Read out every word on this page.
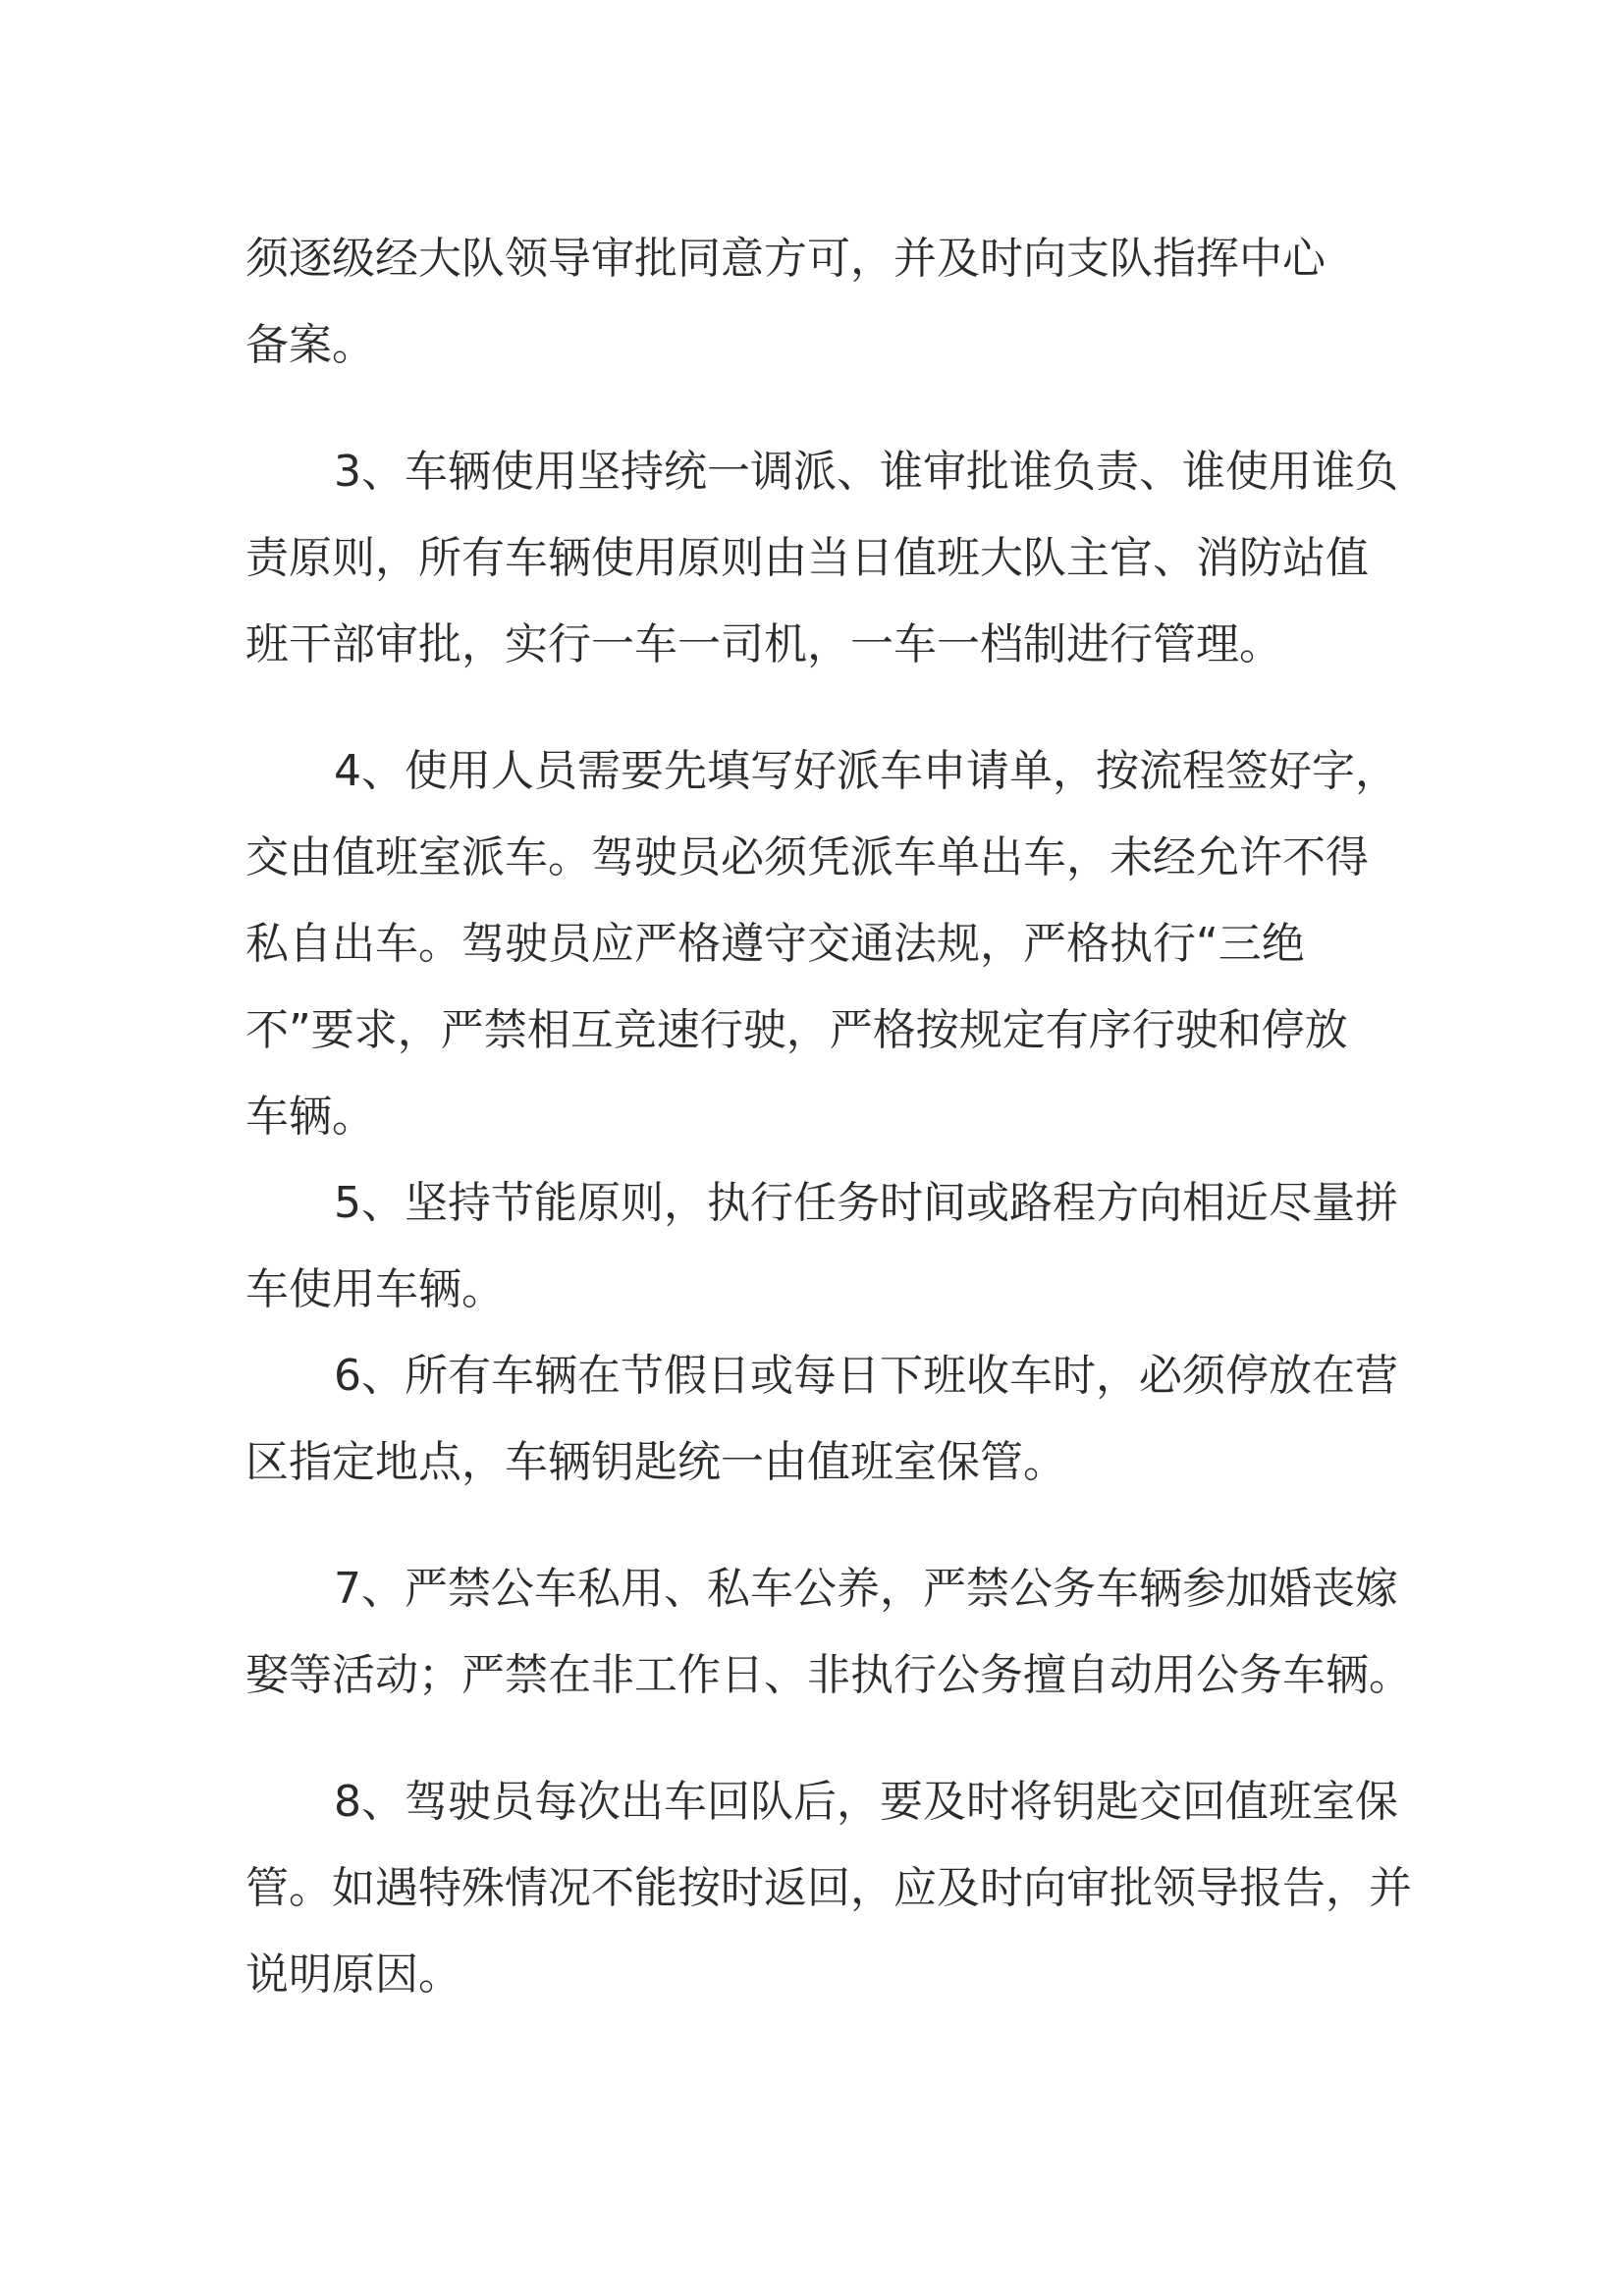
须逐级经大队领导审批同意方可，并及时向支队指挥中心
备案。
3、车辆使用坚持统一调派、谁审批谁负责、谁使用谁负
责原则，所有车辆使用原则由当日值班大队主官、消防站值
班干部审批，实行一车一司机，一车一档制进行管理。
4、使用人员需要先填写好派车申请单，按流程签好字，
交由值班室派车。驾驶员必须凭派车单出车，未经允许不得
私自出车。驾驶员应严格遵守交通法规，严格执行“三绝
不”要求，严禁相互竞速行驶，严格按规定有序行驶和停放
车辆。
5、坚持节能原则，执行任务时间或路程方向相近尽量拼
车使用车辆。
6、所有车辆在节假日或每日下班收车时，必须停放在营
区指定地点，车辆钥匙统一由值班室保管。
7、严禁公车私用、私车公养，严禁公务车辆参加婚丧嫁
娶等活动；严禁在非工作日、非执行公务擅自动用公务车辆。
8、驾驶员每次出车回队后，要及时将钥匙交回值班室保
管。如遇特殊情况不能按时返回，应及时向审批领导报告，并
说明原因。
